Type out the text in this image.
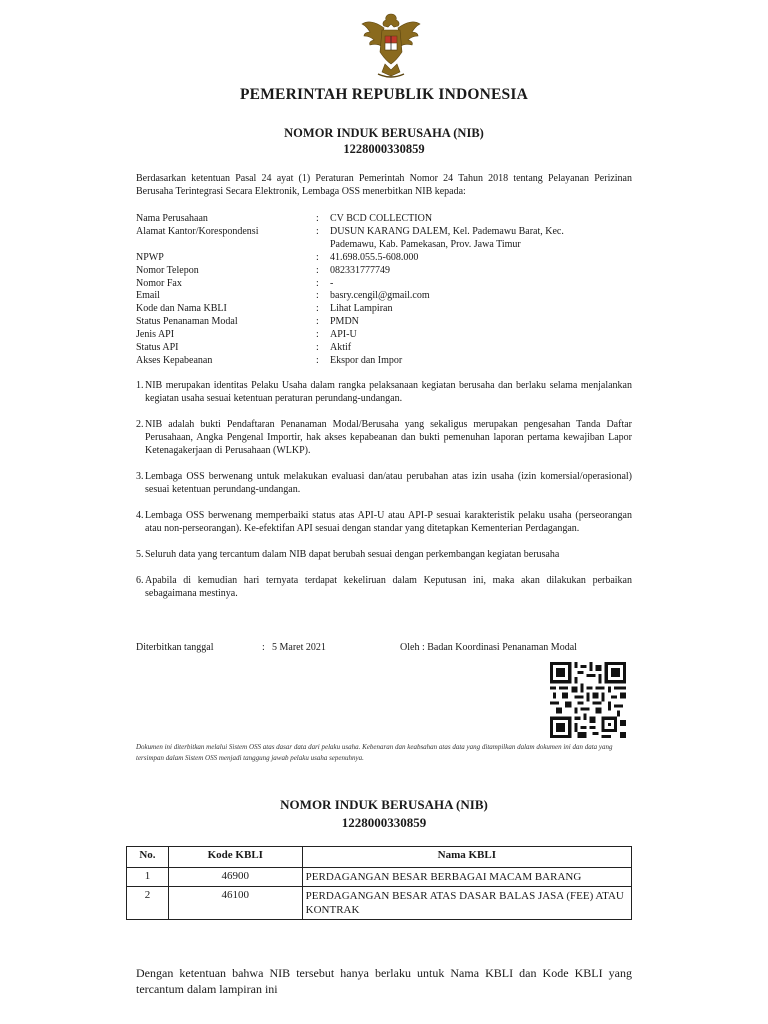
PEMERINTAH REPUBLIK INDONESIA
NOMOR INDUK BERUSAHA (NIB)
1228000330859
Berdasarkan ketentuan Pasal 24 ayat (1) Peraturan Pemerintah Nomor 24 Tahun 2018 tentang Pelayanan Perizinan Berusaha Terintegrasi Secara Elektronik, Lembaga OSS menerbitkan NIB kepada:
Nama Perusahaan	:	CV BCD COLLECTION
Alamat Kantor/Korespondensi	:	DUSUN KARANG DALEM, Kel. Pademawu Barat, Kec.
Pademawu, Kab. Pamekasan, Prov. Jawa Timur
NPWP	:	41.698.055.5-608.000
Nomor Telepon	:	082331777749
Nomor Fax	:	-
Email	:	basry.cengil@gmail.com
Kode dan Nama KBLI	:	Lihat Lampiran
Status Penanaman Modal	:	PMDN
Jenis API	:	API-U
Status API	:	Aktif
Akses Kepabeanan	:	Ekspor dan Impor
1. NIB merupakan identitas Pelaku Usaha dalam rangka pelaksanaan kegiatan berusaha dan berlaku selama menjalankan kegiatan usaha sesuai ketentuan peraturan perundang-undangan.
2. NIB adalah bukti Pendaftaran Penanaman Modal/Berusaha yang sekaligus merupakan pengesahan Tanda Daftar Perusahaan, Angka Pengenal Importir, hak akses kepabeanan dan bukti pemenuhan laporan pertama kewajiban Lapor Ketenagakerjaan di Perusahaan (WLKP).
3. Lembaga OSS berwenang untuk melakukan evaluasi dan/atau perubahan atas izin usaha (izin komersial/operasional) sesuai ketentuan perundang-undangan.
4. Lembaga OSS berwenang memperbaiki status atas API-U atau API-P sesuai karakteristik pelaku usaha (perseorangan atau non-perseorangan). Ke-efektifan API sesuai dengan standar yang ditetapkan Kementerian Perdagangan.
5. Seluruh data yang tercantum dalam NIB dapat berubah sesuai dengan perkembangan kegiatan berusaha
6. Apabila di kemudian hari ternyata terdapat kekeliruan dalam Keputusan ini, maka akan dilakukan perbaikan sebagaimana mestinya.
Diterbitkan tanggal	: 5 Maret 2021	Oleh : Badan Koordinasi Penanaman Modal
Dokumen ini diterbitkan melalui Sistem OSS atas dasar data dari pelaku usaha. Kebenaran dan keabsahan atas data yang ditampilkan dalam dokumen ini dan data yang tersimpan dalam Sistem OSS menjadi tanggung jawab pelaku usaha sepenuhnya.
NOMOR INDUK BERUSAHA (NIB)
1228000330859
No.	Kode KBLI	Nama KBLI
1	46900	PERDAGANGAN BESAR BERBAGAI MACAM BARANG
2	46100	PERDAGANGAN BESAR ATAS DASAR BALAS JASA (FEE) ATAU KONTRAK
Dengan ketentuan bahwa NIB tersebut hanya berlaku untuk Nama KBLI dan Kode KBLI yang tercantum dalam lampiran ini
